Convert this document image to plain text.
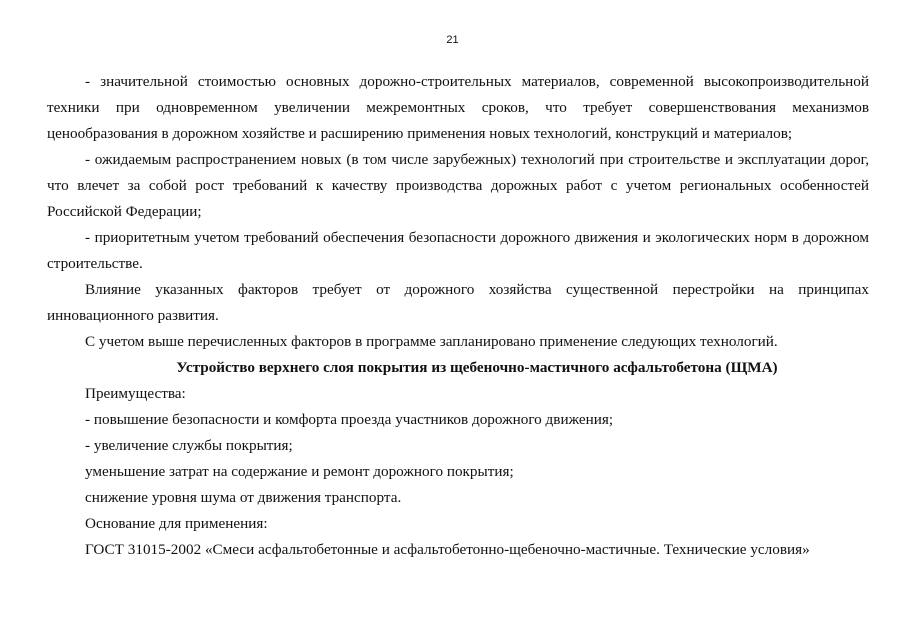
21

- значительной стоимостью основных дорожно-строительных материалов, современной высокопроизводительной техники при одновременном увеличении межремонтных сроков, что требует совершенствования механизмов ценообразования в дорожном хозяйстве и расширению применения новых технологий, конструкций и материалов;

- ожидаемым распространением новых (в том числе зарубежных) технологий при строительстве и эксплуатации дорог, что влечет за собой рост требований к качеству производства дорожных работ с учетом региональных особенностей Российской Федерации;

- приоритетным учетом требований обеспечения безопасности дорожного движения и экологических норм в дорожном строительстве.

Влияние указанных факторов требует от дорожного хозяйства существенной перестройки на принципах инновационного развития.

С учетом выше перечисленных факторов в программе запланировано применение следующих технологий.

Устройство верхнего слоя покрытия из щебеночно-мастичного асфальтобетона (ЩМА)

Преимущества:

- повышение безопасности и комфорта проезда участников дорожного движения;

- увеличение службы покрытия;

уменьшение затрат на содержание и ремонт дорожного покрытия;

снижение уровня шума от движения транспорта.

Основание для применения:

ГОСТ 31015-2002 «Смеси асфальтобетонные и асфальтобетонно-щебеночно-мастичные. Технические условия»
